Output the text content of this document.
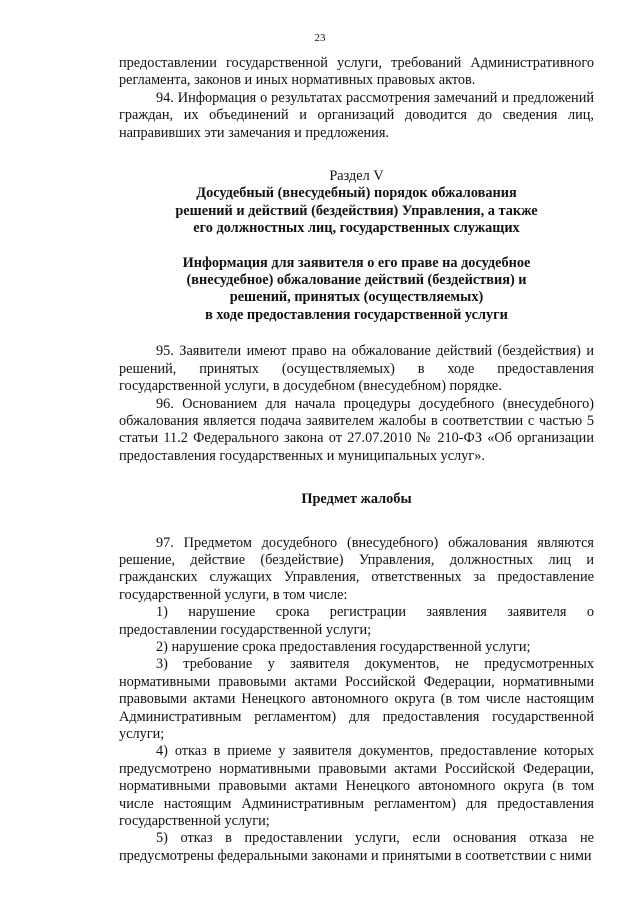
23

предоставлении государственной услуги, требований Административного регламента, законов и иных нормативных правовых актов.

94. Информация о результатах рассмотрения замечаний и предложений граждан, их объединений и организаций доводится до сведения лиц, направивших эти замечания и предложения.

Раздел V

Досудебный (внесудебный) порядок обжалования

решений и действий (бездействия) Управления, а также

его должностных лиц, государственных служащих

Информация для заявителя о его праве на досудебное

(внесудебное) обжалование действий (бездействия) и

решений, принятых (осуществляемых)

в ходе предоставления государственной услуги

95. Заявители имеют право на обжалование действий (бездействия) и решений, принятых (осуществляемых) в ходе предоставления государственной услуги, в досудебном (внесудебном) порядке.

96. Основанием для начала процедуры досудебного (внесудебного) обжалования является подача заявителем жалобы в соответствии с частью 5 статьи 11.2 Федерального закона от 27.07.2010 № 210-ФЗ «Об организации предоставления государственных и муниципальных услуг».

Предмет жалобы

97. Предметом досудебного (внесудебного) обжалования являются решение, действие (бездействие) Управления, должностных лиц и гражданских служащих Управления, ответственных за предоставление государственной услуги, в том числе:

1) нарушение срока регистрации заявления заявителя о предоставлении государственной услуги;

2) нарушение срока предоставления государственной услуги;

3) требование у заявителя документов, не предусмотренных нормативными правовыми актами Российской Федерации, нормативными правовыми актами Ненецкого автономного округа (в том числе настоящим Административным регламентом) для предоставления государственной услуги;

4) отказ в приеме у заявителя документов, предоставление которых предусмотрено нормативными правовыми актами Российской Федерации, нормативными правовыми актами Ненецкого автономного округа (в том числе настоящим Административным регламентом) для предоставления государственной услуги;

5) отказ в предоставлении услуги, если основания отказа не предусмотрены федеральными законами и принятыми в соответствии с ними
